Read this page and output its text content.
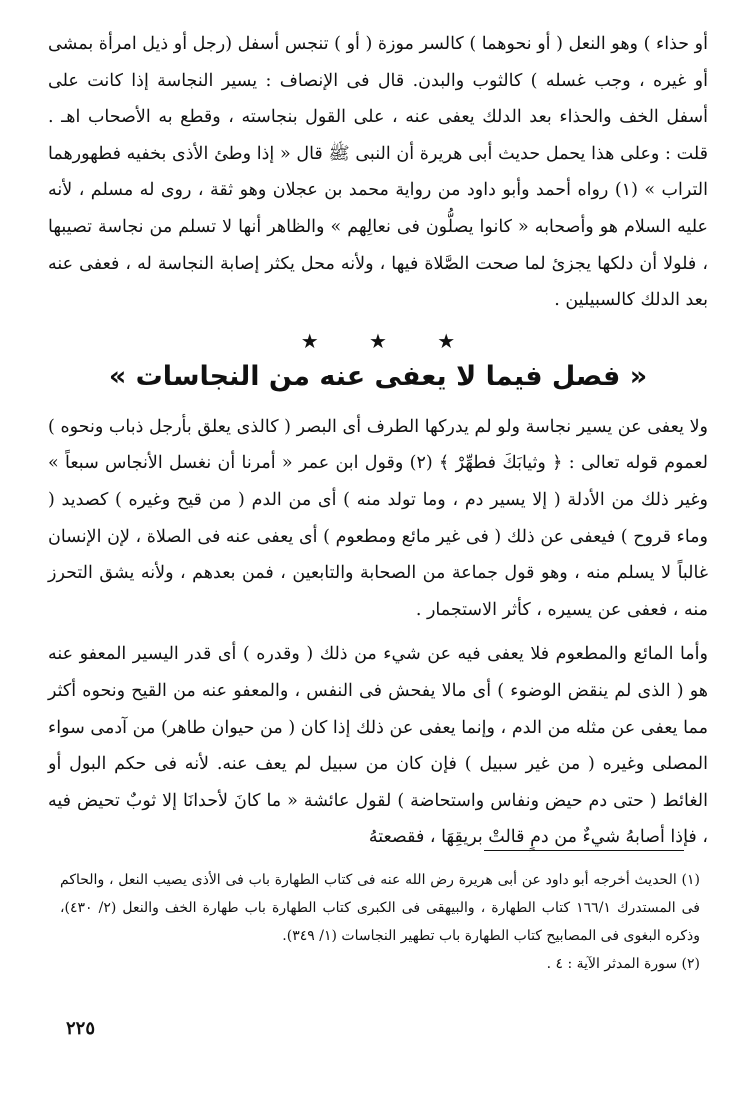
أو حذاء ) وهو النعل ( أو نحوهما ) كالسر موزة ( أو ) تنجس أسفل (رجل أو ذيل امرأة بمشى أو غيره ، وجب غسله ) كالثوب والبدن. قال فى الإنصاف : يسير النجاسة إذا كانت على أسفل الخف والحذاء بعد الدلك يعفى عنه ، على القول بنجاسته ، وقطع به الأصحاب اهـ . قلت : وعلى هذا يحمل حديث أبى هريرة أن النبى ﷺ قال « إذا وطئ الأذى بخفيه فطهورهما التراب » (١) رواه أحمد وأبو داود من رواية محمد بن عجلان وهو ثقة ، روى له مسلم ، لأنه عليه السلام هو وأصحابه « كانوا يصلُّون فى نعالِهم » والظاهر أنها لا تسلم من نجاسة تصيبها ، فلولا أن دلكها يجزئ لما صحت الصَّلاة فيها ، ولأنه محل يكثر إصابة النجاسة له ، فعفى عنه بعد الدلك كالسبيلين .

★ ★ ★
« فصل فيما لا يعفى عنه من النجاسات »

ولا يعفى عن يسير نجاسة ولو لم يدركها الطرف أى البصر ( كالذى يعلق بأرجل ذباب ونحوه ) لعموم قوله تعالى : ﴿ وثيابَكَ فطهِّرْ ﴾ (٢) وقول ابن عمر « أمرنا أن نغسل الأنجاس سبعاً » وغير ذلك من الأدلة ( إلا يسير دم ، وما تولد منه ) أى من الدم ( من قيح وغيره ) كصديد ( وماء قروح ) فيعفى عن ذلك ( فى غير مائع ومطعوم ) أى يعفى عنه فى الصلاة ، لإن الإنسان غالباً لا يسلم منه ، وهو قول جماعة من الصحابة والتابعين ، فمن بعدهم ، ولأنه يشق التحرز منه ، فعفى عن يسيره ، كأثر الاستجمار .

وأما المائع والمطعوم فلا يعفى فيه عن شيء من ذلك ( وقدره ) أى قدر اليسير المعفو عنه هو ( الذى لم ينقض الوضوء ) أى مالا يفحش فى النفس ، والمعفو عنه من القيح ونحوه أكثر مما يعفى عن مثله من الدم ، وإنما يعفى عن ذلك إذا كان ( من حيوان طاهر) من آدمى سواء المصلى وغيره ( من غير سبيل ) فإن كان من سبيل لم يعف عنه. لأنه فى حكم البول أو الغائط ( حتى دم حيض ونفاس واستحاضة ) لقول عائشة « ما كانَ لأحدانَا إلا ثوبٌ تحيض فيه ، فإذا أصابهُ شيءٌ من دمٍ قالتْ بريقِهَا ، فقصعتهُ

(١) الحديث أخرجه أبو داود عن أبى هريرة رض الله عنه فى كتاب الطهارة باب فى الأذى يصيب النعل ، والحاكم فى المستدرك ١٦٦/١ كتاب الطهارة ، والبيهقى فى الكبرى كتاب الطهارة باب طهارة الخف والنعل (٢/ ٤٣٠)، وذكره البغوى فى المصابيح كتاب الطهارة باب تطهير النجاسات (١/ ٣٤٩).

(٢) سورة المدثر الآية : ٤ .

٢٢٥
